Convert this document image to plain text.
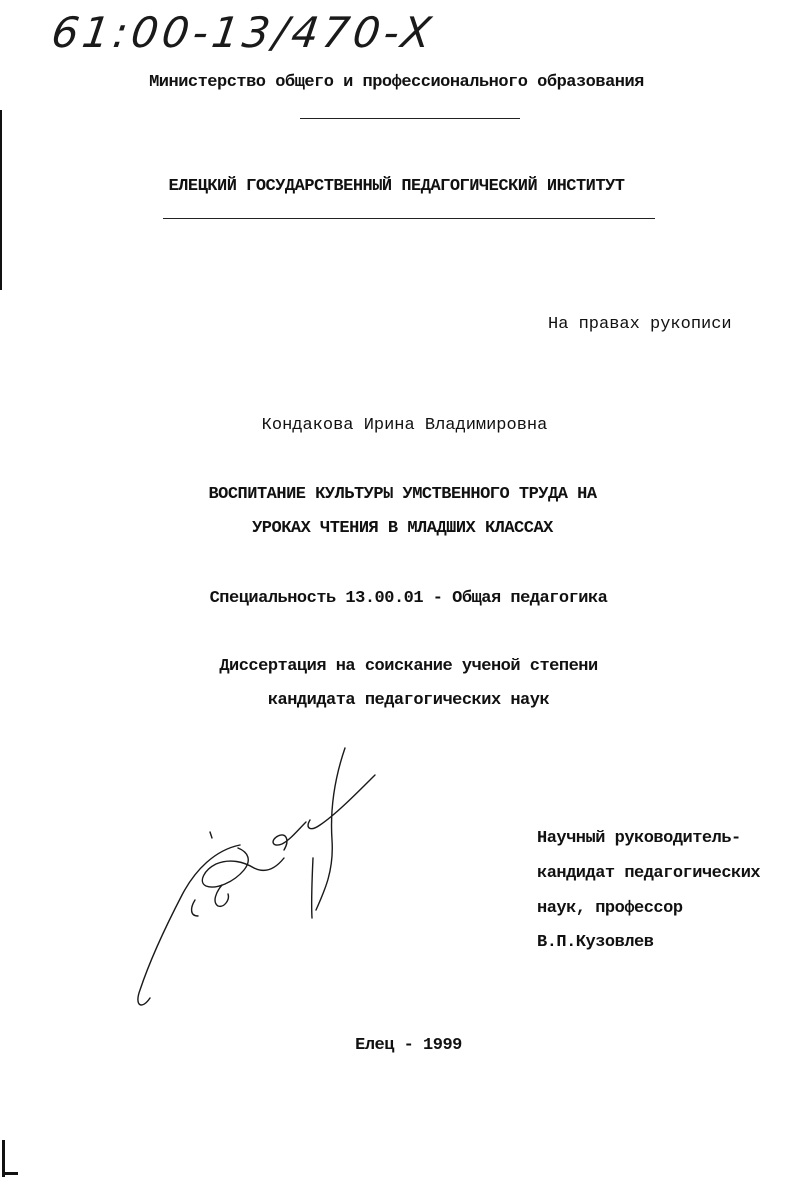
61:00-13/470-X
Министерство общего и профессионального образования
ЕЛЕЦКИЙ ГОСУДАРСТВЕННЫЙ ПЕДАГОГИЧЕСКИЙ ИНСТИТУТ
На правах рукописи
Кондакова Ирина Владимировна
ВОСПИТАНИЕ КУЛЬТУРЫ УМСТВЕННОГО ТРУДА НА
УРОКАХ ЧТЕНИЯ В МЛАДШИХ КЛАССАХ
Специальность 13.00.01 - Общая педагогика
Диссертация на соискание ученой степени
кандидата педагогических наук
Научный руководитель-
кандидат педагогических
наук, профессор
В.П.Кузовлев
Елец - 1999
